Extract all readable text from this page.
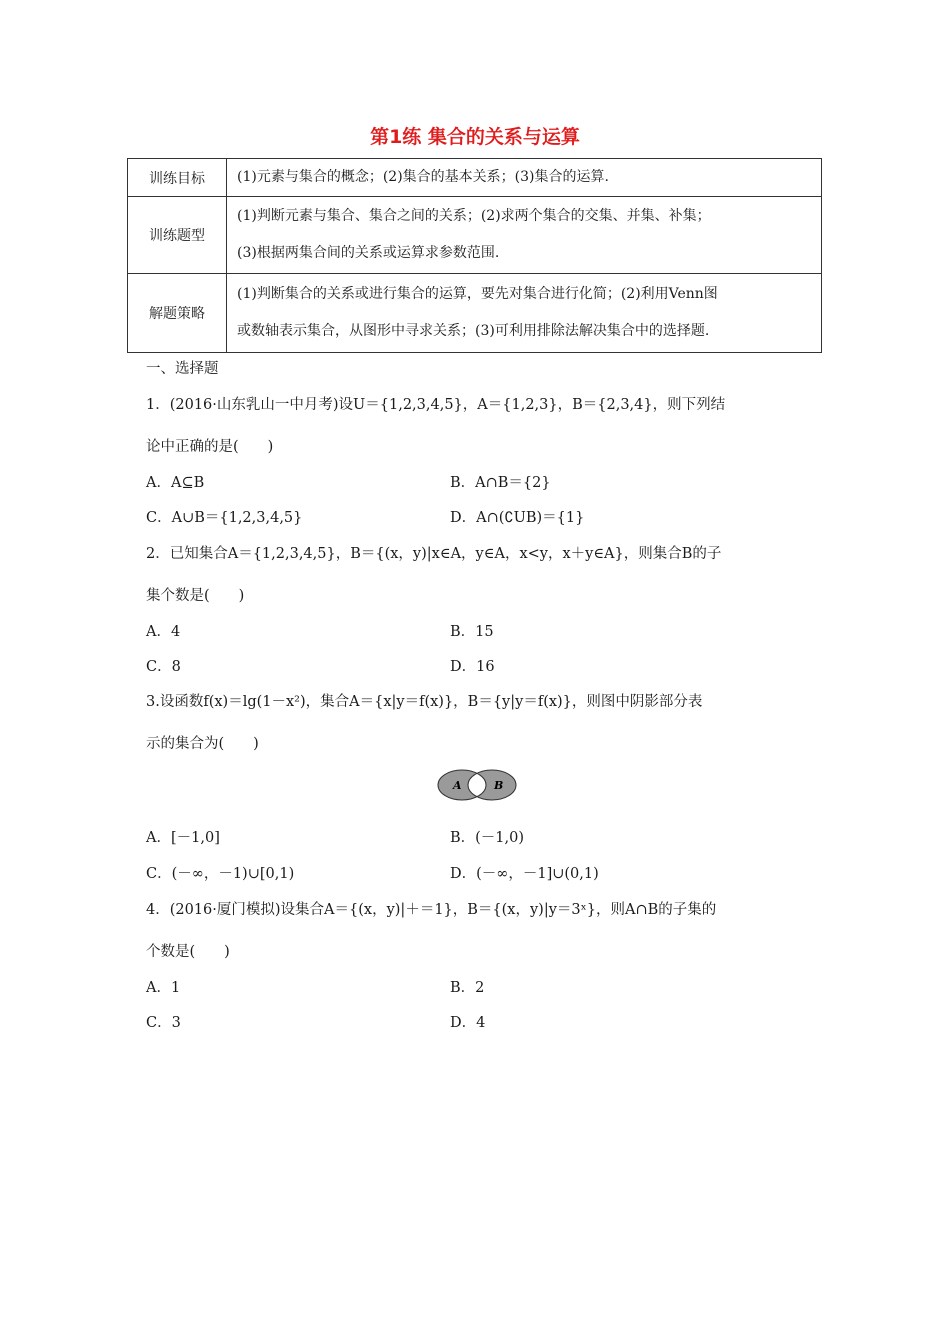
第1练 集合的关系与运算
训练目标	(1)元素与集合的概念；(2)集合的基本关系；(3)集合的运算.

训练题型	(1)判断元素与集合、集合之间的关系；(2)求两个集合的交集、并集、补集；
(3)根据两集合间的关系或运算求参数范围.

解题策略	(1)判断集合的关系或进行集合的运算，要先对集合进行化简；(2)利用Venn图
或数轴表示集合，从图形中寻求关系；(3)可利用排除法解决集合中的选择题.
一、选择题
1．(2016·山东乳山一中月考)设U＝{1,2,3,4,5}，A＝{1,2,3}，B＝{2,3,4}，则下列结
论中正确的是(　　)
A．A⊆B	B．A∩B＝{2}
C．A∪B＝{1,2,3,4,5}	D．A∩(∁UB)＝{1}
2．已知集合A＝{1,2,3,4,5}，B＝{(x，y)|x∈A，y∈A，x<y，x＋y∈A}，则集合B的子
集个数是(　　)
A．4	B．15
C．8	D．16
3.设函数f(x)＝lg(1－x²)，集合A＝{x|y＝f(x)}，B＝{y|y＝f(x)}，则图中阴影部分表
示的集合为(　　)
A	B
A．[－1,0]	B．(－1,0)
C．(－∞，－1)∪[0,1)	D．(－∞，－1]∪(0,1)
4．(2016·厦门模拟)设集合A＝{(x，y)|＋＝1}，B＝{(x，y)|y＝3ˣ}，则A∩B的子集的
个数是(　　)
A．1	B．2
C．3	D．4
